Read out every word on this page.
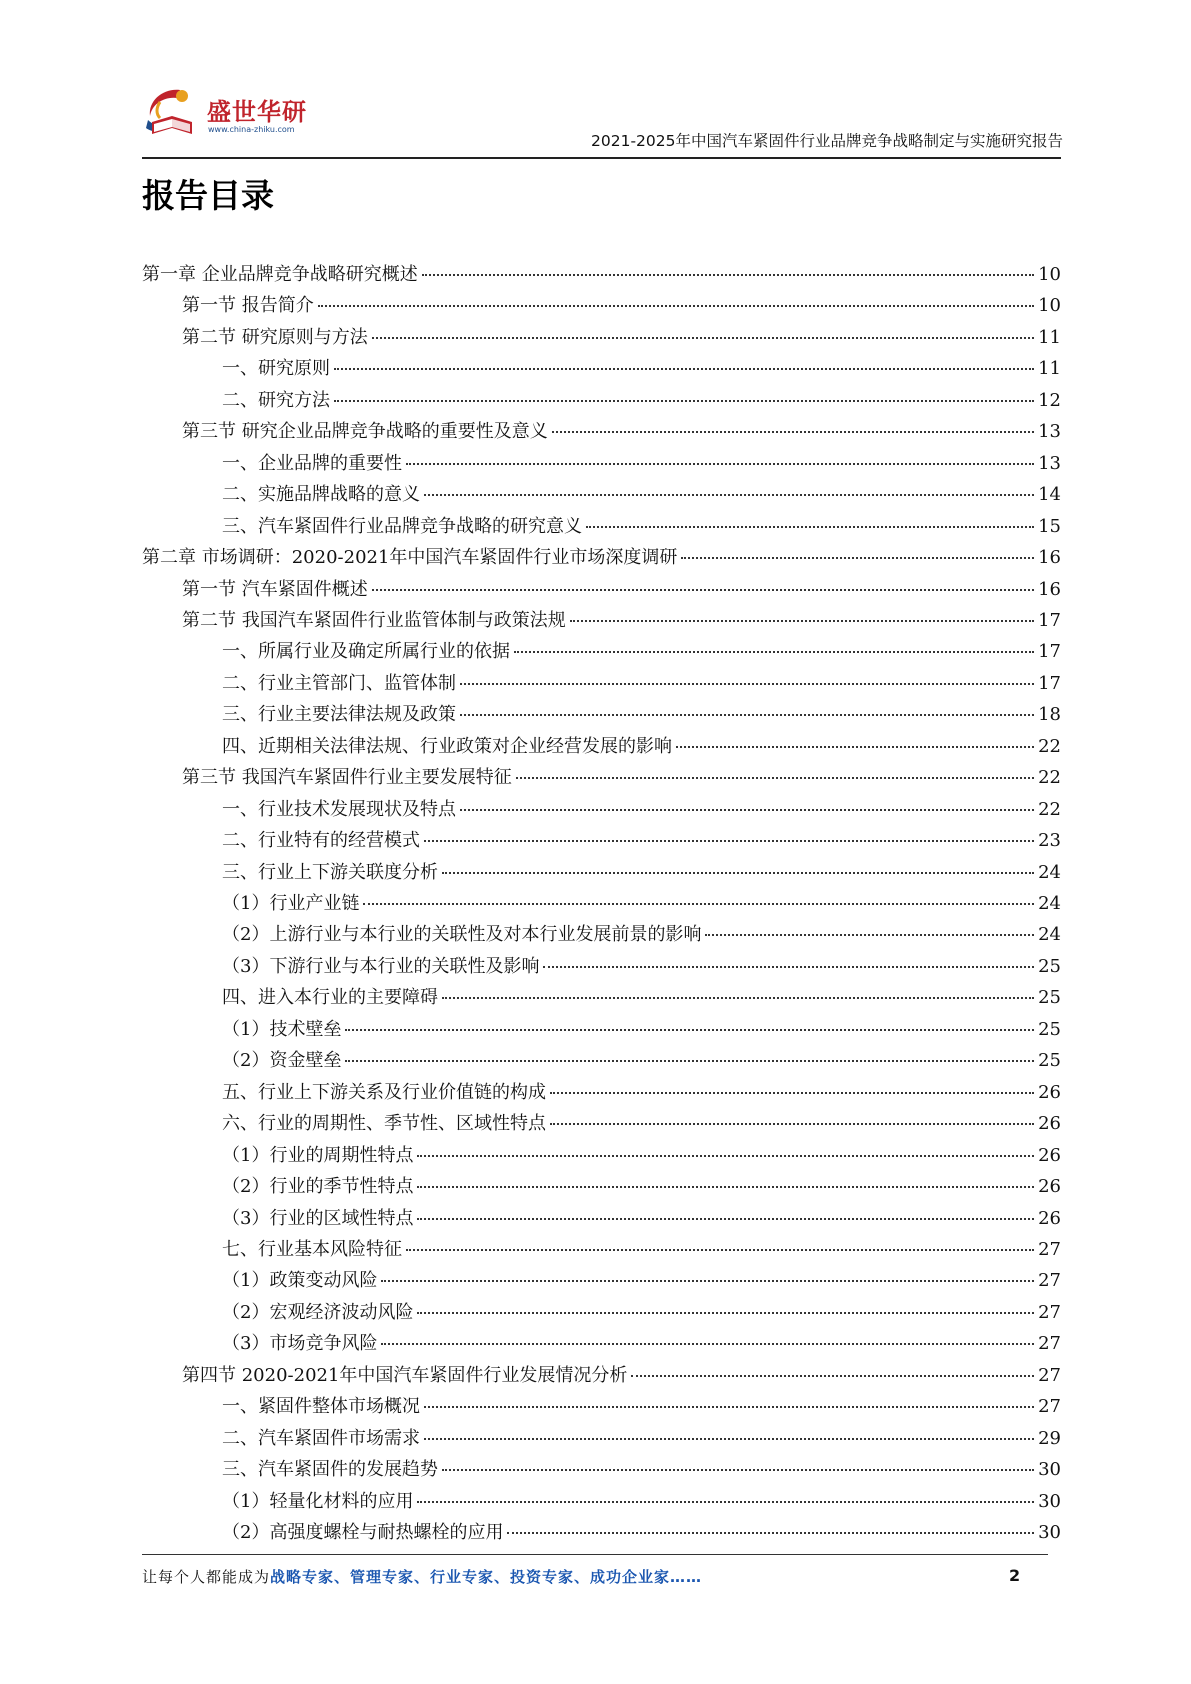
盛世华研
www.china-zhiku.com
2021-2025年中国汽车紧固件行业品牌竞争战略制定与实施研究报告
报告目录
第一章 企业品牌竞争战略研究概述	10
第一节 报告简介	10
第二节 研究原则与方法	11
一、研究原则	11
二、研究方法	12
第三节 研究企业品牌竞争战略的重要性及意义	13
一、企业品牌的重要性	13
二、实施品牌战略的意义	14
三、汽车紧固件行业品牌竞争战略的研究意义	15
第二章 市场调研：2020-2021年中国汽车紧固件行业市场深度调研	16
第一节 汽车紧固件概述	16
第二节 我国汽车紧固件行业监管体制与政策法规	17
一、所属行业及确定所属行业的依据	17
二、行业主管部门、监管体制	17
三、行业主要法律法规及政策	18
四、近期相关法律法规、行业政策对企业经营发展的影响	22
第三节 我国汽车紧固件行业主要发展特征	22
一、行业技术发展现状及特点	22
二、行业特有的经营模式	23
三、行业上下游关联度分析	24
（1）行业产业链	24
（2）上游行业与本行业的关联性及对本行业发展前景的影响	24
（3）下游行业与本行业的关联性及影响	25
四、进入本行业的主要障碍	25
（1）技术壁垒	25
（2）资金壁垒	25
五、行业上下游关系及行业价值链的构成	26
六、行业的周期性、季节性、区域性特点	26
（1）行业的周期性特点	26
（2）行业的季节性特点	26
（3）行业的区域性特点	26
七、行业基本风险特征	27
（1）政策变动风险	27
（2）宏观经济波动风险	27
（3）市场竞争风险	27
第四节 2020-2021年中国汽车紧固件行业发展情况分析	27
一、紧固件整体市场概况	27
二、汽车紧固件市场需求	29
三、汽车紧固件的发展趋势	30
（1）轻量化材料的应用	30
（2）高强度螺栓与耐热螺栓的应用	30
让每个人都能成为战略专家、管理专家、行业专家、投资专家、成功企业家……	2
